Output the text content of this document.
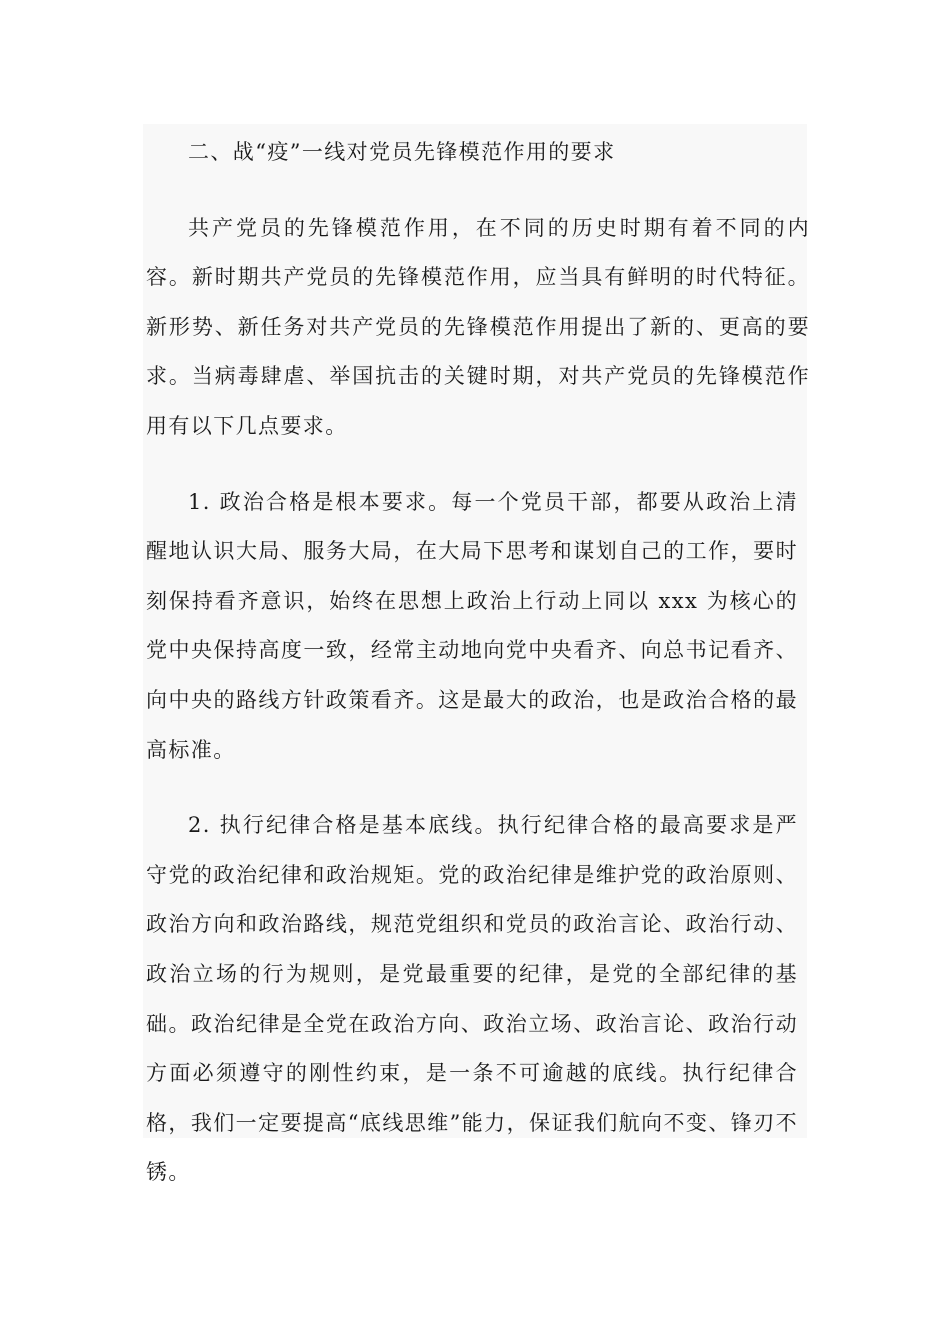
二、战“疫”一线对党员先锋模范作用的要求

共产党员的先锋模范作用，在不同的历史时期有着不同的内容。新时期共产党员的先锋模范作用，应当具有鲜明的时代特征。新形势、新任务对共产党员的先锋模范作用提出了新的、更高的要求。当病毒肆虐、举国抗击的关键时期，对共产党员的先锋模范作用有以下几点要求。

1. 政治合格是根本要求。每一个党员干部，都要从政治上清醒地认识大局、服务大局，在大局下思考和谋划自己的工作，要时刻保持看齐意识，始终在思想上政治上行动上同以 xxx 为核心的党中央保持高度一致，经常主动地向党中央看齐、向总书记看齐、向中央的路线方针政策看齐。这是最大的政治，也是政治合格的最高标准。

2. 执行纪律合格是基本底线。执行纪律合格的最高要求是严守党的政治纪律和政治规矩。党的政治纪律是维护党的政治原则、政治方向和政治路线，规范党组织和党员的政治言论、政治行动、政治立场的行为规则，是党最重要的纪律，是党的全部纪律的基础。政治纪律是全党在政治方向、政治立场、政治言论、政治行动方面必须遵守的刚性约束，是一条不可逾越的底线。执行纪律合格，我们一定要提高“底线思维”能力，保证我们航向不变、锋刃不锈。
